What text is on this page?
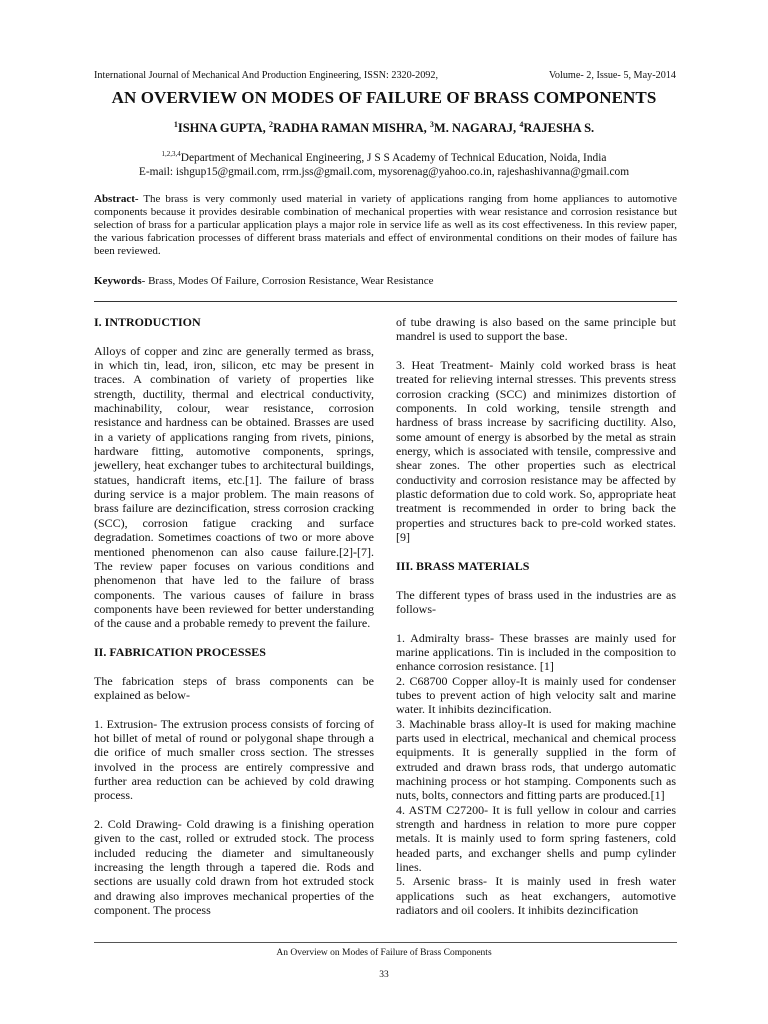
International Journal of Mechanical And Production Engineering, ISSN: 2320-2092,	Volume- 2, Issue- 5, May-2014
AN OVERVIEW ON MODES OF FAILURE OF BRASS COMPONENTS
$^1$ISHNA GUPTA, $^2$RADHA RAMAN MISHRA, $^3$M. NAGARAJ, $^4$RAJESHA S.
$^{1,2,3,4}$Department of Mechanical Engineering, J S S Academy of Technical Education, Noida, India
E-mail: ishgup15@gmail.com, rrm.jss@gmail.com, mysorenag@yahoo.co.in, rajeshashivanna@gmail.com
Abstract- The brass is very commonly used material in variety of applications ranging from home appliances to automotive components because it provides desirable combination of mechanical properties with wear resistance and corrosion resistance but selection of brass for a particular application plays a major role in service life as well as its cost effectiveness. In this review paper, the various fabrication processes of different brass materials and effect of environmental conditions on their modes of failure has been reviewed.
Keywords- Brass, Modes Of Failure, Corrosion Resistance, Wear Resistance
I. INTRODUCTION

Alloys of copper and zinc are generally termed as brass, in which tin, lead, iron, silicon, etc may be present in traces. A combination of variety of properties like strength, ductility, thermal and electrical conductivity, machinability, colour, wear resistance, corrosion resistance and hardness can be obtained. Brasses are used in a variety of applications ranging from rivets, pinions, hardware fitting, automotive components, springs, jewellery, heat exchanger tubes to architectural buildings, statues, handicraft items, etc.[1]. The failure of brass during service is a major problem. The main reasons of brass failure are dezincification, stress corrosion cracking (SCC), corrosion fatigue cracking and surface degradation. Sometimes coactions of two or more above mentioned phenomenon can also cause failure.[2]-[7]. The review paper focuses on various conditions and phenomenon that have led to the failure of brass components. The various causes of failure in brass components have been reviewed for better understanding of the cause and a probable remedy to prevent the failure.

II. FABRICATION PROCESSES

The fabrication steps of brass components can be explained as below-

1. Extrusion- The extrusion process consists of forcing of hot billet of metal of round or polygonal shape through a die orifice of much smaller cross section. The stresses involved in the process are entirely compressive and further area reduction can be achieved by cold drawing process.

2. Cold Drawing- Cold drawing is a finishing operation given to the cast, rolled or extruded stock. The process included reducing the diameter and simultaneously increasing the length through a tapered die. Rods and sections are usually cold drawn from hot extruded stock and drawing also improves mechanical properties of the component. The process

of tube drawing is also based on the same principle but mandrel is used to support the base.

3. Heat Treatment- Mainly cold worked brass is heat treated for relieving internal stresses. This prevents stress corrosion cracking (SCC) and minimizes distortion of components. In cold working, tensile strength and hardness of brass increase by sacrificing ductility. Also, some amount of energy is absorbed by the metal as strain energy, which is associated with tensile, compressive and shear zones. The other properties such as electrical conductivity and corrosion resistance may be affected by plastic deformation due to cold work. So, appropriate heat treatment is recommended in order to bring back the properties and structures back to pre-cold worked states. [9]

III. BRASS MATERIALS

The different types of brass used in the industries are as follows-

1. Admiralty brass- These brasses are mainly used for marine applications. Tin is included in the composition to enhance corrosion resistance. [1]

2. C68700 Copper alloy-It is mainly used for condenser tubes to prevent action of high velocity salt and marine water. It inhibits dezincification.

3. Machinable brass alloy-It is used for making machine parts used in electrical, mechanical and chemical process equipments. It is generally supplied in the form of extruded and drawn brass rods, that undergo automatic machining process or hot stamping. Components such as nuts, bolts, connectors and fitting parts are produced.[1]

4. ASTM C27200- It is full yellow in colour and carries strength and hardness in relation to more pure copper metals. It is mainly used to form spring fasteners, cold headed parts, and exchanger shells and pump cylinder lines.

5. Arsenic brass- It is mainly used in fresh water applications such as heat exchangers, automotive radiators and oil coolers. It inhibits dezincification

An Overview on Modes of Failure of Brass Components
33
